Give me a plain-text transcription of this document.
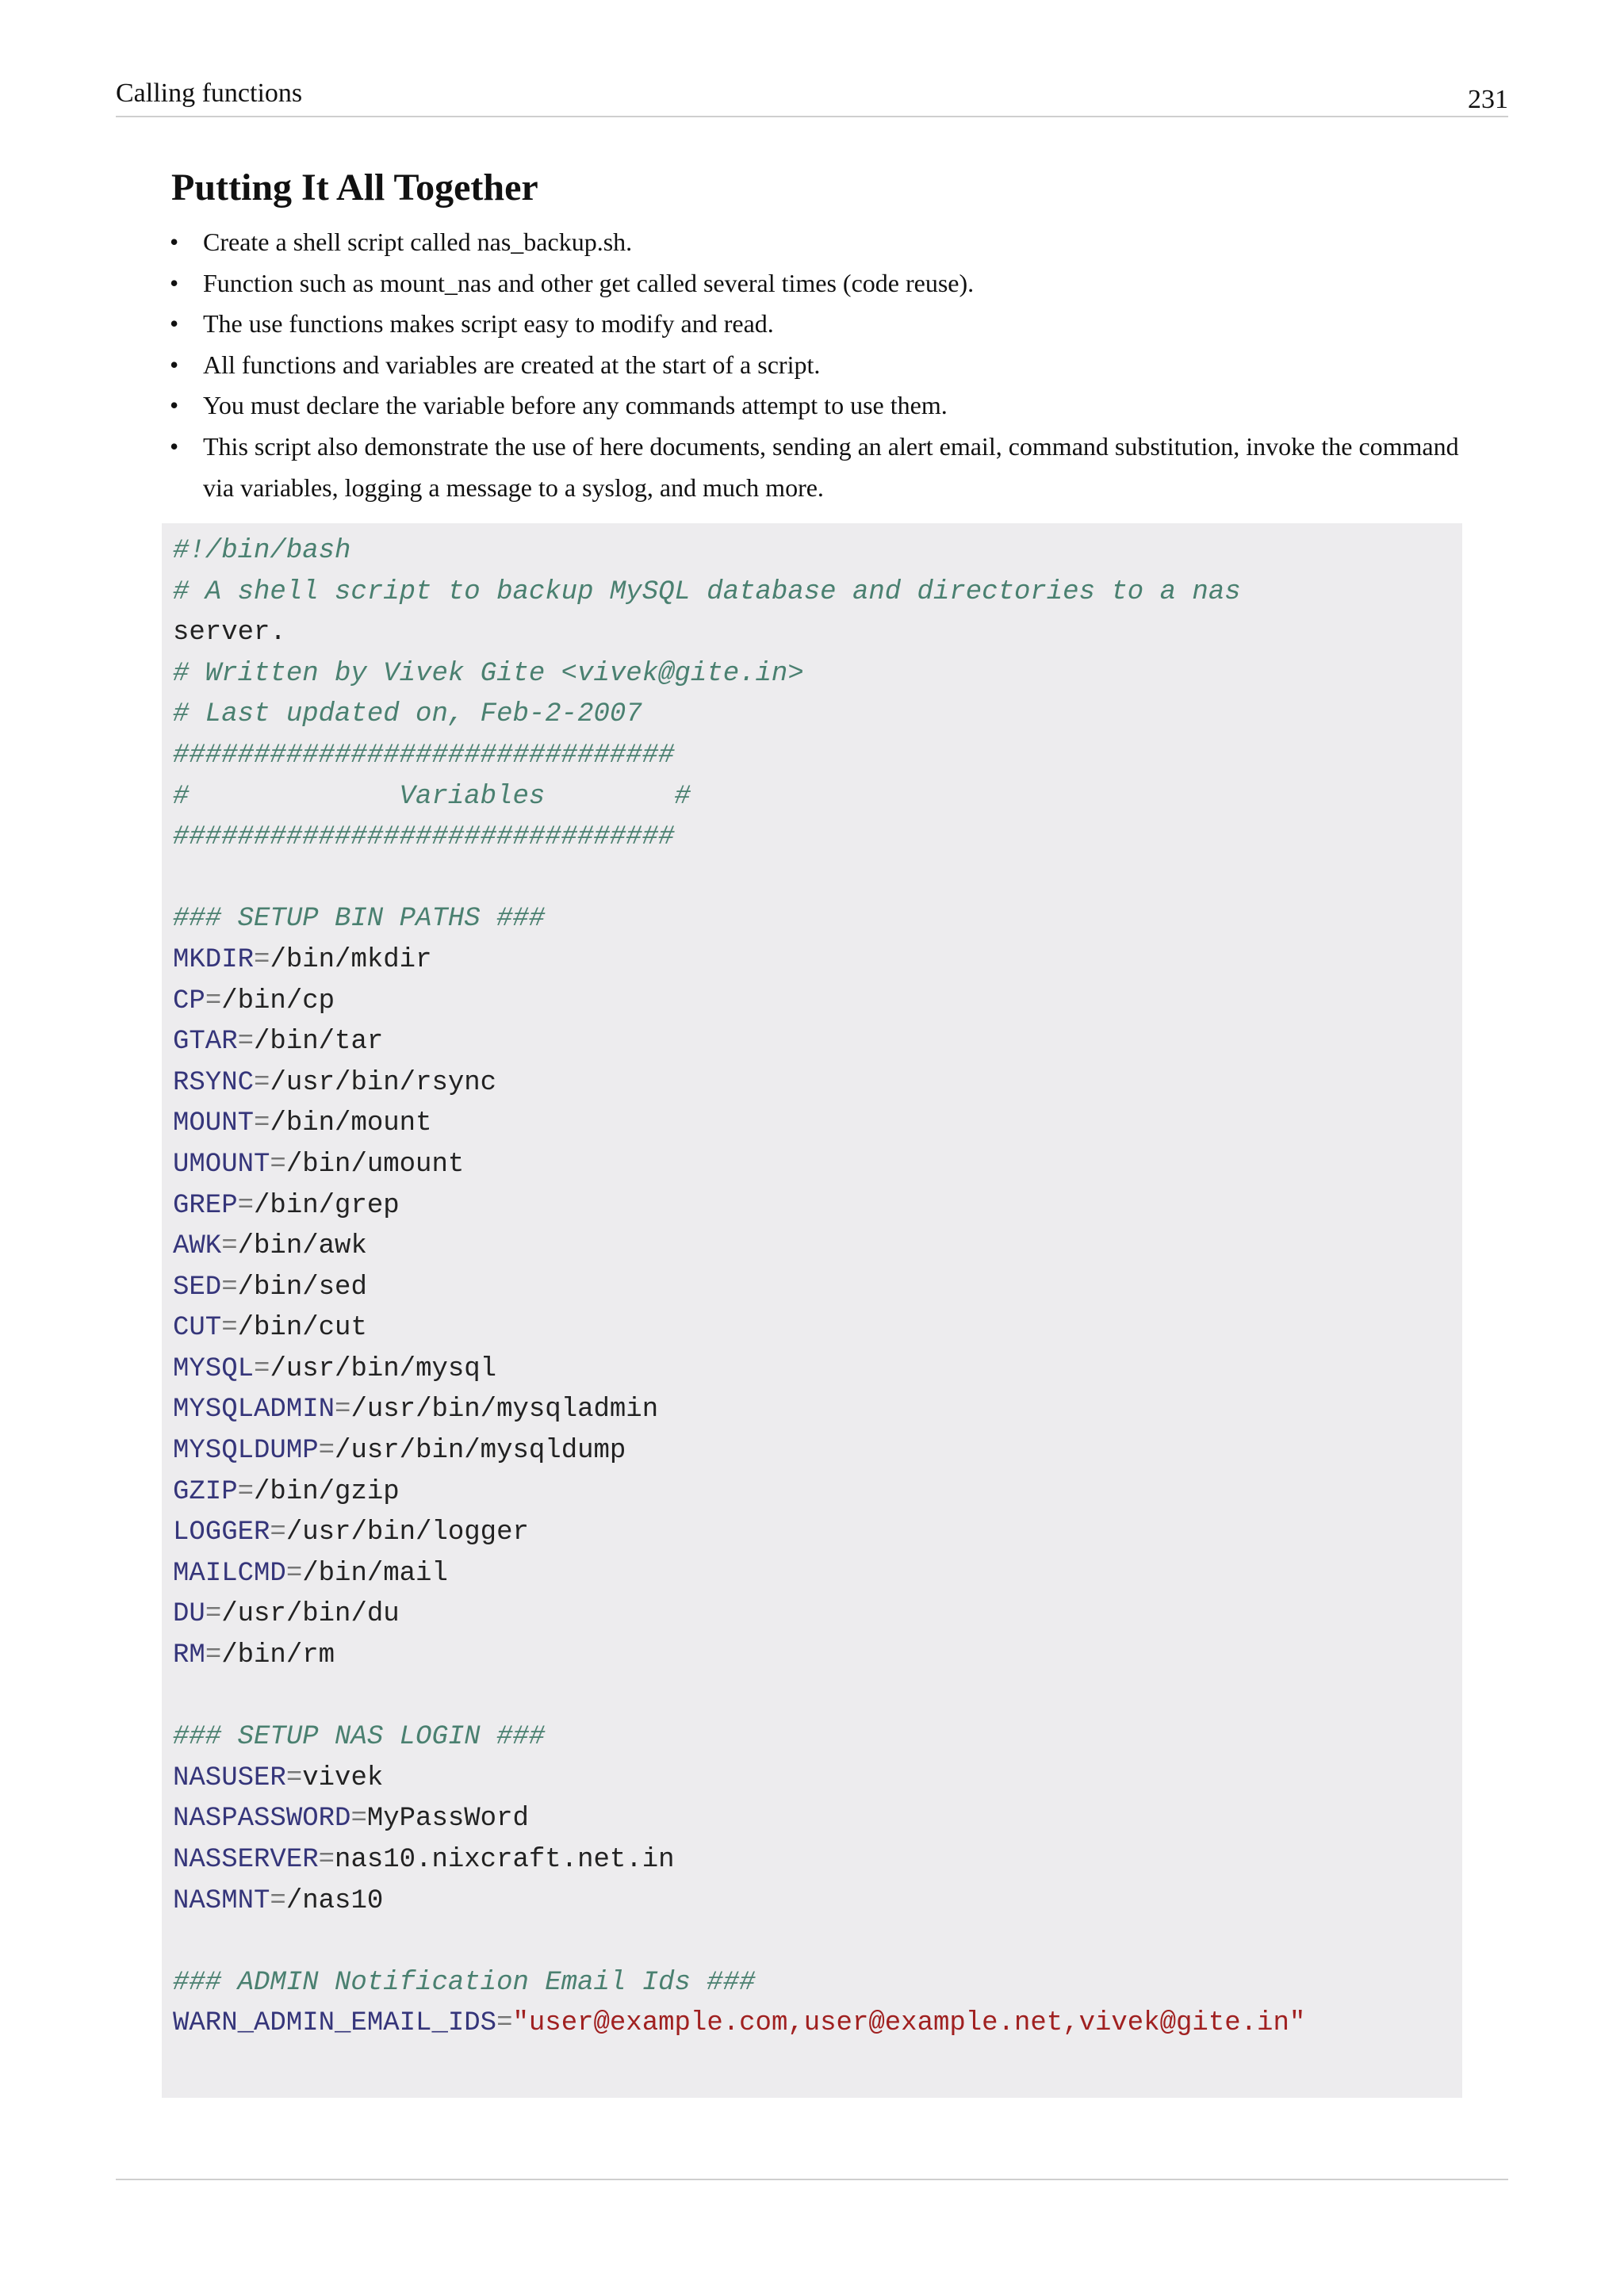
Calling functions	231
Putting It All Together
• Create a shell script called nas_backup.sh.
• Function such as mount_nas and other get called several times (code reuse).
• The use functions makes script easy to modify and read.
• All functions and variables are created at the start of a script.
• You must declare the variable before any commands attempt to use them.
• This script also demonstrate the use of here documents, sending an alert email, command substitution, invoke the command via variables, logging a message to a syslog, and much more.
#!/bin/bash
# A shell script to backup MySQL database and directories to a nas
server.
# Written by Vivek Gite <vivek@gite.in>
# Last updated on, Feb-2-2007
###############################
#             Variables        #
###############################

### SETUP BIN PATHS ###
MKDIR=/bin/mkdir
CP=/bin/cp
GTAR=/bin/tar
RSYNC=/usr/bin/rsync
MOUNT=/bin/mount
UMOUNT=/bin/umount
GREP=/bin/grep
AWK=/bin/awk
SED=/bin/sed
CUT=/bin/cut
MYSQL=/usr/bin/mysql
MYSQLADMIN=/usr/bin/mysqladmin
MYSQLDUMP=/usr/bin/mysqldump
GZIP=/bin/gzip
LOGGER=/usr/bin/logger
MAILCMD=/bin/mail
DU=/usr/bin/du
RM=/bin/rm

### SETUP NAS LOGIN ###
NASUSER=vivek
NASPASSWORD=MyPassWord
NASSERVER=nas10.nixcraft.net.in
NASMNT=/nas10

### ADMIN Notification Email Ids ###
WARN_ADMIN_EMAIL_IDS="user@example.com,user@example.net,vivek@gite.in"
